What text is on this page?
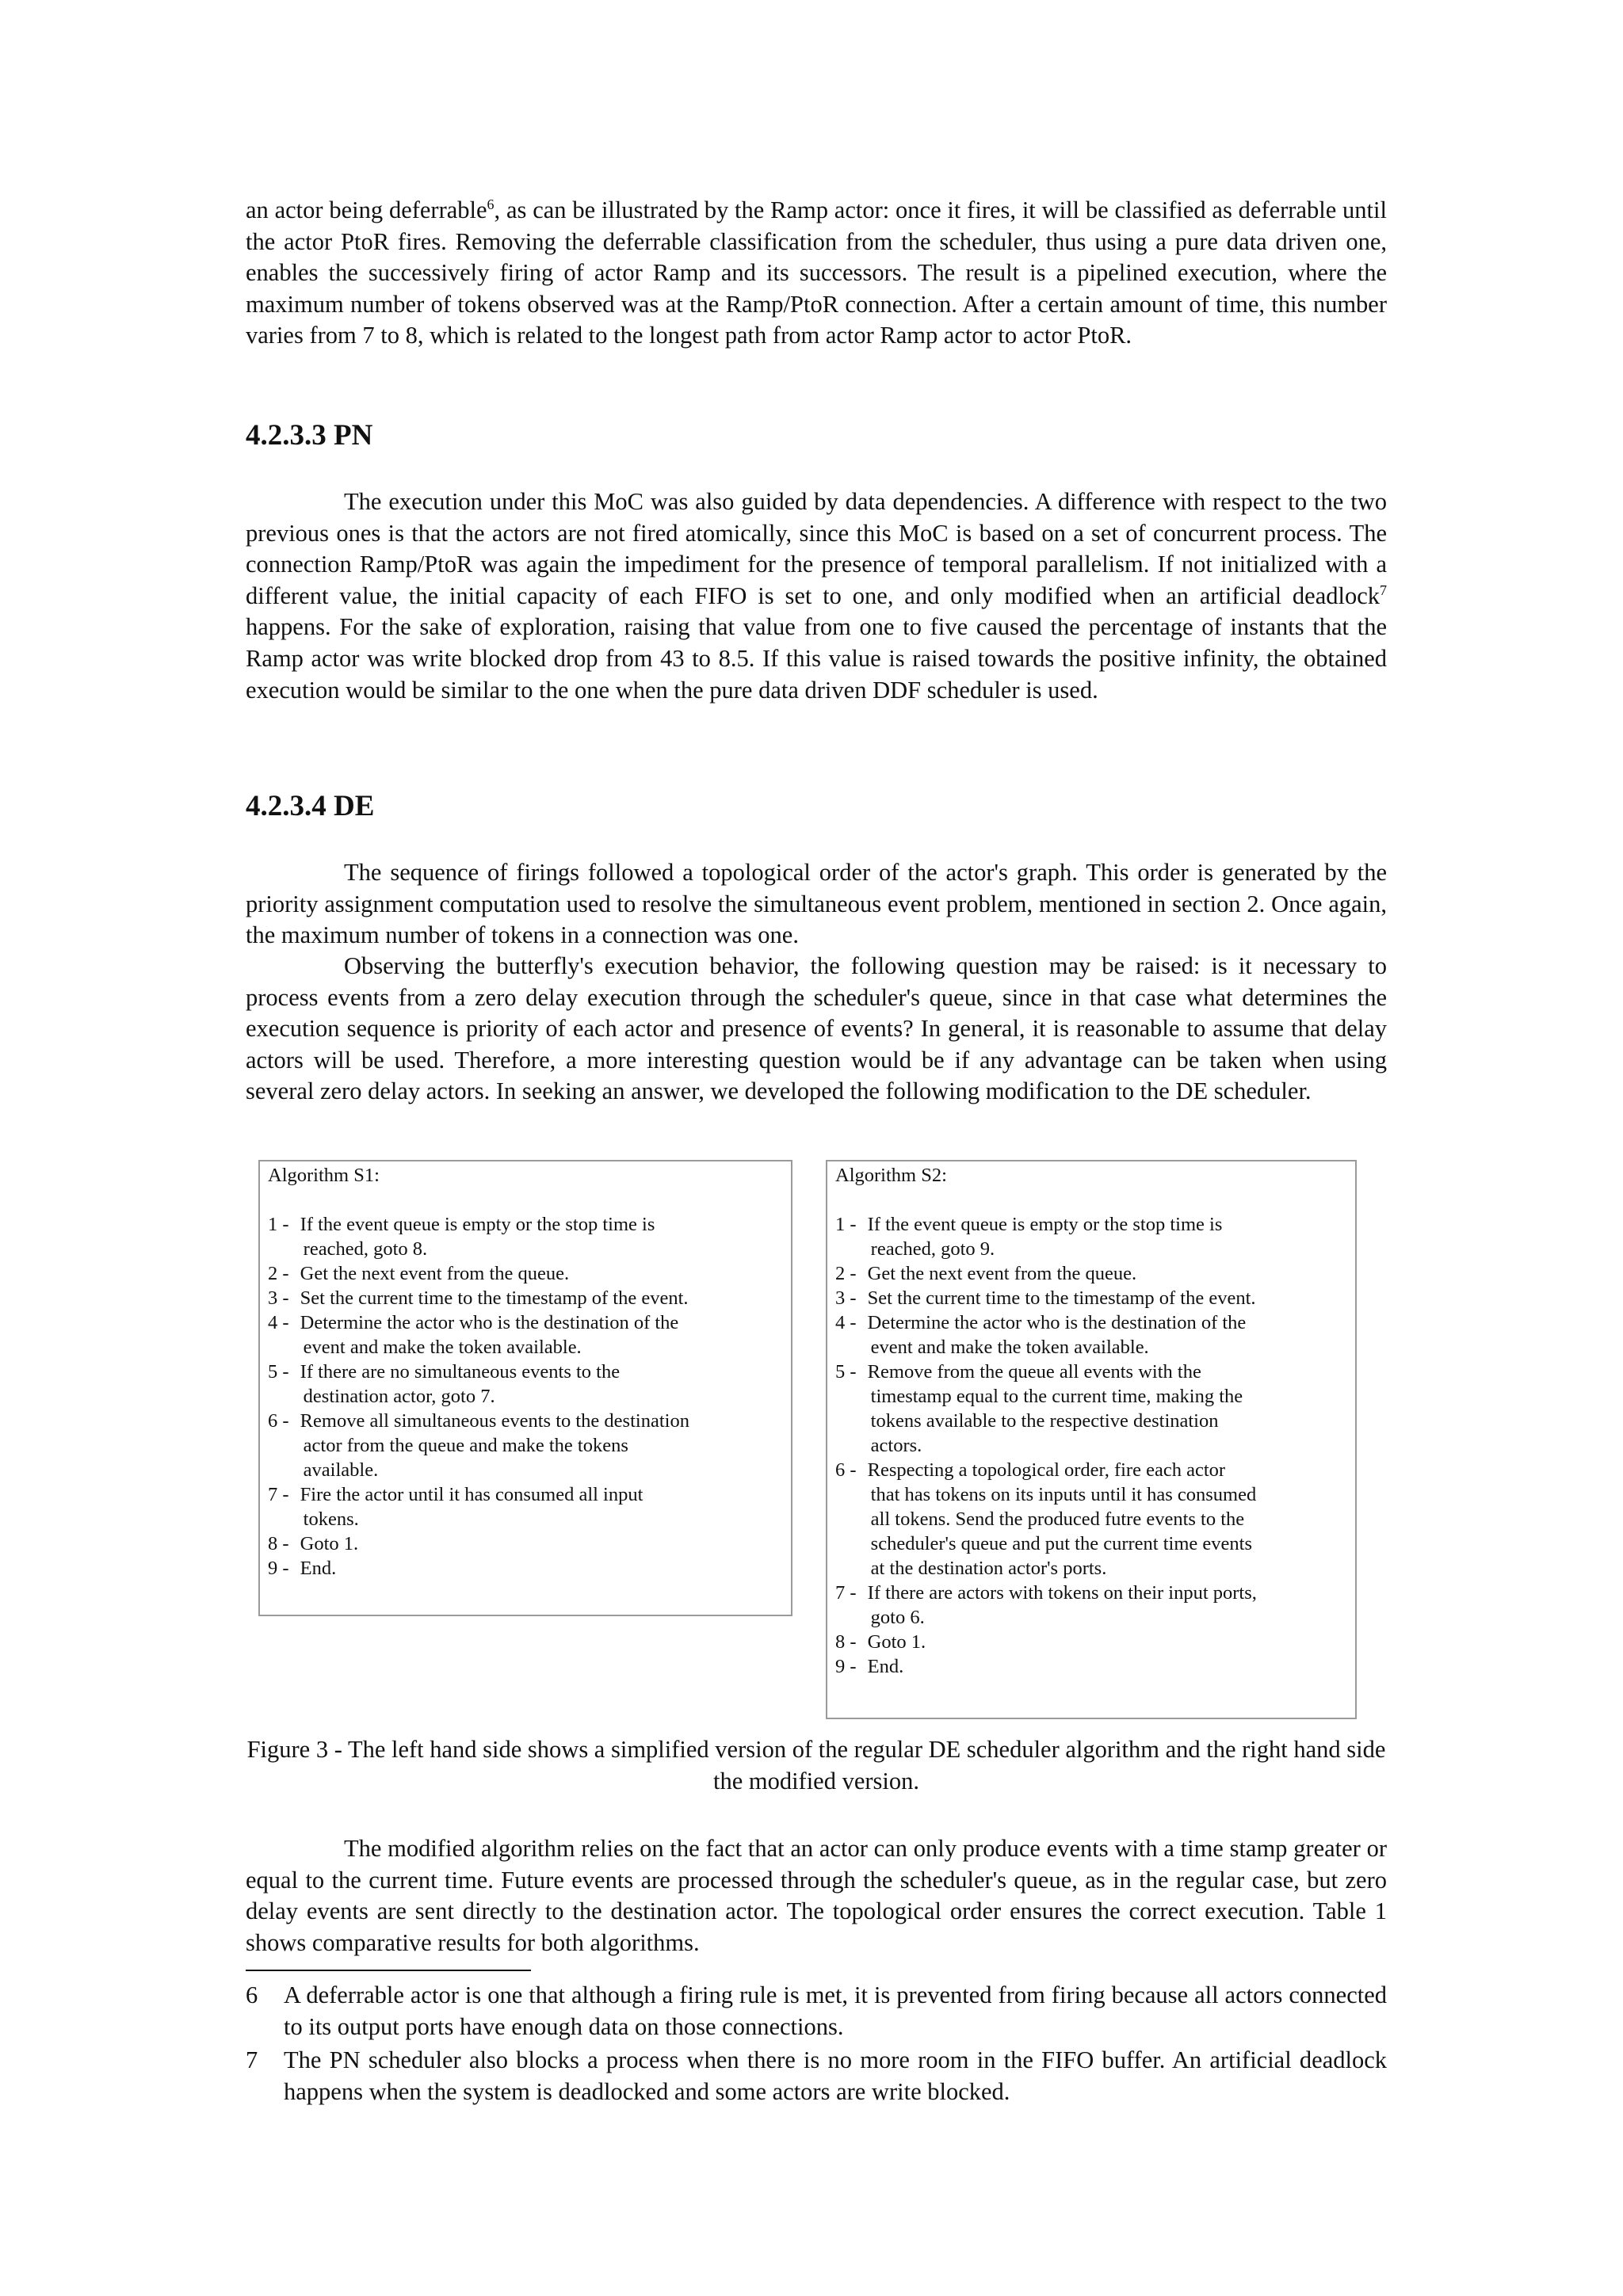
an actor being deferrable$^6$, as can be illustrated by the Ramp actor: once it fires, it will be classified as deferrable until the actor PtoR fires. Removing the deferrable classification from the scheduler, thus using a pure data driven one, enables the successively firing of actor Ramp and its successors. The result is a pipelined execution, where the maximum number of tokens observed was at the Ramp/PtoR connection. After a certain amount of time, this number varies from 7 to 8, which is related to the longest path from actor Ramp actor to actor PtoR.

4.2.3.3 PN

The execution under this MoC was also guided by data dependencies. A difference with respect to the two previous ones is that the actors are not fired atomically, since this MoC is based on a set of concurrent process. The connection Ramp/PtoR was again the impediment for the presence of temporal parallelism. If not initialized with a different value, the initial capacity of each FIFO is set to one, and only modified when an artificial deadlock$^7$ happens. For the sake of exploration, raising that value from one to five caused the percentage of instants that the Ramp actor was write blocked drop from 43 to 8.5. If this value is raised towards the positive infinity, the obtained execution would be similar to the one when the pure data driven DDF scheduler is used.

4.2.3.4 DE

The sequence of firings followed a topological order of the actor's graph. This order is generated by the priority assignment computation used to resolve the simultaneous event problem, mentioned in section 2. Once again, the maximum number of tokens in a connection was one.

Observing the butterfly's execution behavior, the following question may be raised: is it necessary to process events from a zero delay execution through the scheduler's queue, since in that case what determines the execution sequence is priority of each actor and presence of events? In general, it is reasonable to assume that delay actors will be used. Therefore, a more interesting question would be if any advantage can be taken when using several zero delay actors. In seeking an answer, we developed the following modification to the DE scheduler.

Algorithm S1:
1 - If the event queue is empty or the stop time is
reached, goto 8.
2 - Get the next event from the queue.
3 - Set the current time to the timestamp of the event.
4 - Determine the actor who is the destination of the
event and make the token available.
5 - If there are no simultaneous events to the
destination actor, goto 7.
6 - Remove all simultaneous events to the destination
actor from the queue and make the tokens
available.
7 - Fire the actor until it has consumed all input
tokens.
8 - Goto 1.
9 - End.
Algorithm S2:
1 - If the event queue is empty or the stop time is
reached, goto 9.
2 - Get the next event from the queue.
3 - Set the current time to the timestamp of the event.
4 - Determine the actor who is the destination of the
event and make the token available.
5 - Remove from the queue all events with the
timestamp equal to the current time, making the
tokens available to the respective destination
actors.
6 - Respecting a topological order, fire each actor
that has tokens on its inputs until it has consumed
all tokens. Send the produced futre events to the
scheduler's queue and put the current time events
at the destination actor's ports.
7 - If there are actors with tokens on their input ports,
goto 6.
8 - Goto 1.
9 - End.

Figure 3 - The left hand side shows a simplified version of the regular DE scheduler algorithm and the right hand side the modified version.

The modified algorithm relies on the fact that an actor can only produce events with a time stamp greater or equal to the current time. Future events are processed through the scheduler's queue, as in the regular case, but zero delay events are sent directly to the destination actor. The topological order ensures the correct execution. Table 1 shows comparative results for both algorithms.

6	A deferrable actor is one that although a firing rule is met, it is prevented from firing because all actors connected to its output ports have enough data on those connections.
7	The PN scheduler also blocks a process when there is no more room in the FIFO buffer. An artificial deadlock happens when the system is deadlocked and some actors are write blocked.
